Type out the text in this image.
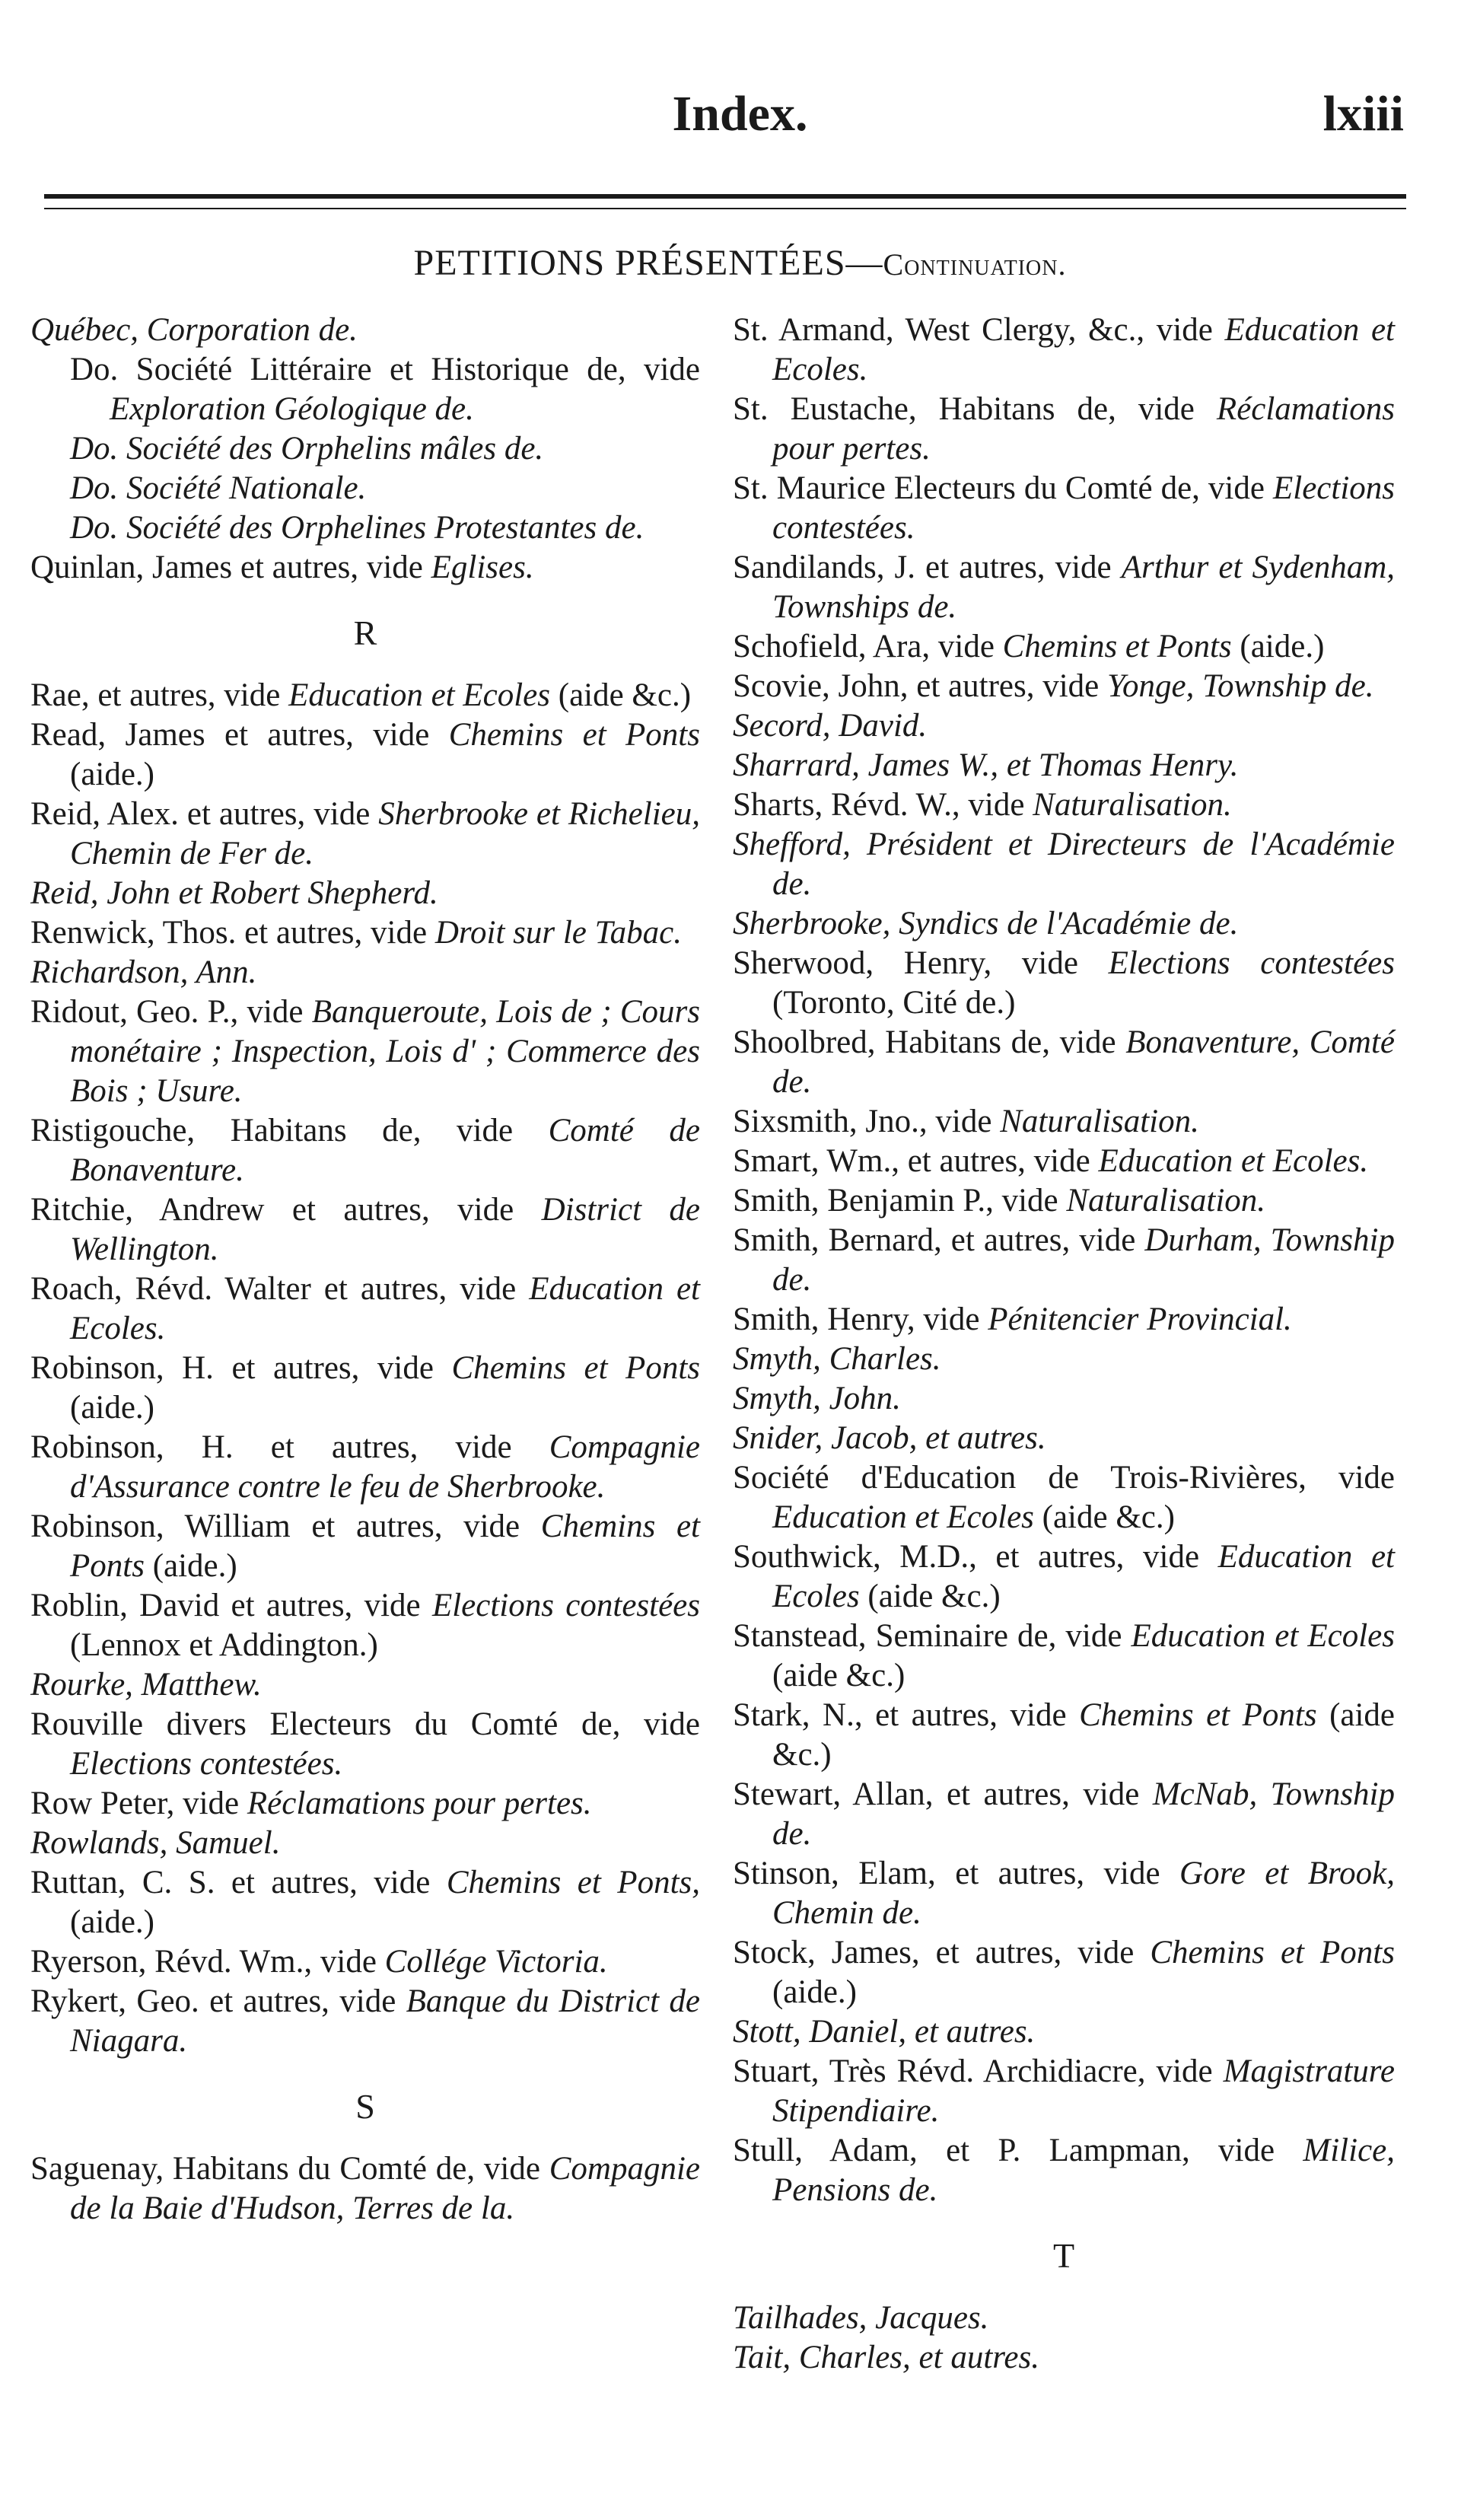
Index.	lxiii
PETITIONS PRÉSENTÉES—Continuation.

Québec, Corporation de.

Do. Société Littéraire et Historique de, vide Exploration Géologique de.

Do. Société des Orphelins mâles de.

Do. Société Nationale.

Do. Société des Orphelines Protestantes de.

Quinlan, James et autres, vide Eglises.

R

Rae, et autres, vide Education et Ecoles (aide &c.)

Read, James et autres, vide Chemins et Ponts (aide.)

Reid, Alex. et autres, vide Sherbrooke et Richelieu, Chemin de Fer de.

Reid, John et Robert Shepherd.

Renwick, Thos. et autres, vide Droit sur le Tabac.

Richardson, Ann.

Ridout, Geo. P., vide Banqueroute, Lois de ; Cours monétaire ; Inspection, Lois d' ; Commerce des Bois ; Usure.

Ristigouche, Habitans de, vide Comté de Bonaventure.

Ritchie, Andrew et autres, vide District de Wellington.

Roach, Révd. Walter et autres, vide Education et Ecoles.

Robinson, H. et autres, vide Chemins et Ponts (aide.)

Robinson, H. et autres, vide Compagnie d'Assurance contre le feu de Sherbrooke.

Robinson, William et autres, vide Chemins et Ponts (aide.)

Roblin, David et autres, vide Elections contestées (Lennox et Addington.)

Rourke, Matthew.

Rouville divers Electeurs du Comté de, vide Elections contestées.

Row Peter, vide Réclamations pour pertes.

Rowlands, Samuel.

Ruttan, C. S. et autres, vide Chemins et Ponts, (aide.)

Ryerson, Révd. Wm., vide Collége Victoria.

Rykert, Geo. et autres, vide Banque du District de Niagara.

S

Saguenay, Habitans du Comté de, vide Compagnie de la Baie d'Hudson, Terres de la.

St. Armand, West Clergy, &c., vide Education et Ecoles.

St. Eustache, Habitans de, vide Réclamations pour pertes.

St. Maurice Electeurs du Comté de, vide Elections contestées.

Sandilands, J. et autres, vide Arthur et Sydenham, Townships de.

Schofield, Ara, vide Chemins et Ponts (aide.)

Scovie, John, et autres, vide Yonge, Township de.

Secord, David.

Sharrard, James W., et Thomas Henry.

Sharts, Révd. W., vide Naturalisation.

Shefford, Président et Directeurs de l'Académie de.

Sherbrooke, Syndics de l'Académie de.

Sherwood, Henry, vide Elections contestées (Toronto, Cité de.)

Shoolbred, Habitans de, vide Bonaventure, Comté de.

Sixsmith, Jno., vide Naturalisation.

Smart, Wm., et autres, vide Education et Ecoles.

Smith, Benjamin P., vide Naturalisation.

Smith, Bernard, et autres, vide Durham, Township de.

Smith, Henry, vide Pénitencier Provincial.

Smyth, Charles.

Smyth, John.

Snider, Jacob, et autres.

Société d'Education de Trois-Rivières, vide Education et Ecoles (aide &c.)

Southwick, M.D., et autres, vide Education et Ecoles (aide &c.)

Stanstead, Seminaire de, vide Education et Ecoles (aide &c.)

Stark, N., et autres, vide Chemins et Ponts (aide &c.)

Stewart, Allan, et autres, vide McNab, Township de.

Stinson, Elam, et autres, vide Gore et Brook, Chemin de.

Stock, James, et autres, vide Chemins et Ponts (aide.)

Stott, Daniel, et autres.

Stuart, Très Révd. Archidiacre, vide Magistrature Stipendiaire.

Stull, Adam, et P. Lampman, vide Milice, Pensions de.

T

Tailhades, Jacques.

Tait, Charles, et autres.
